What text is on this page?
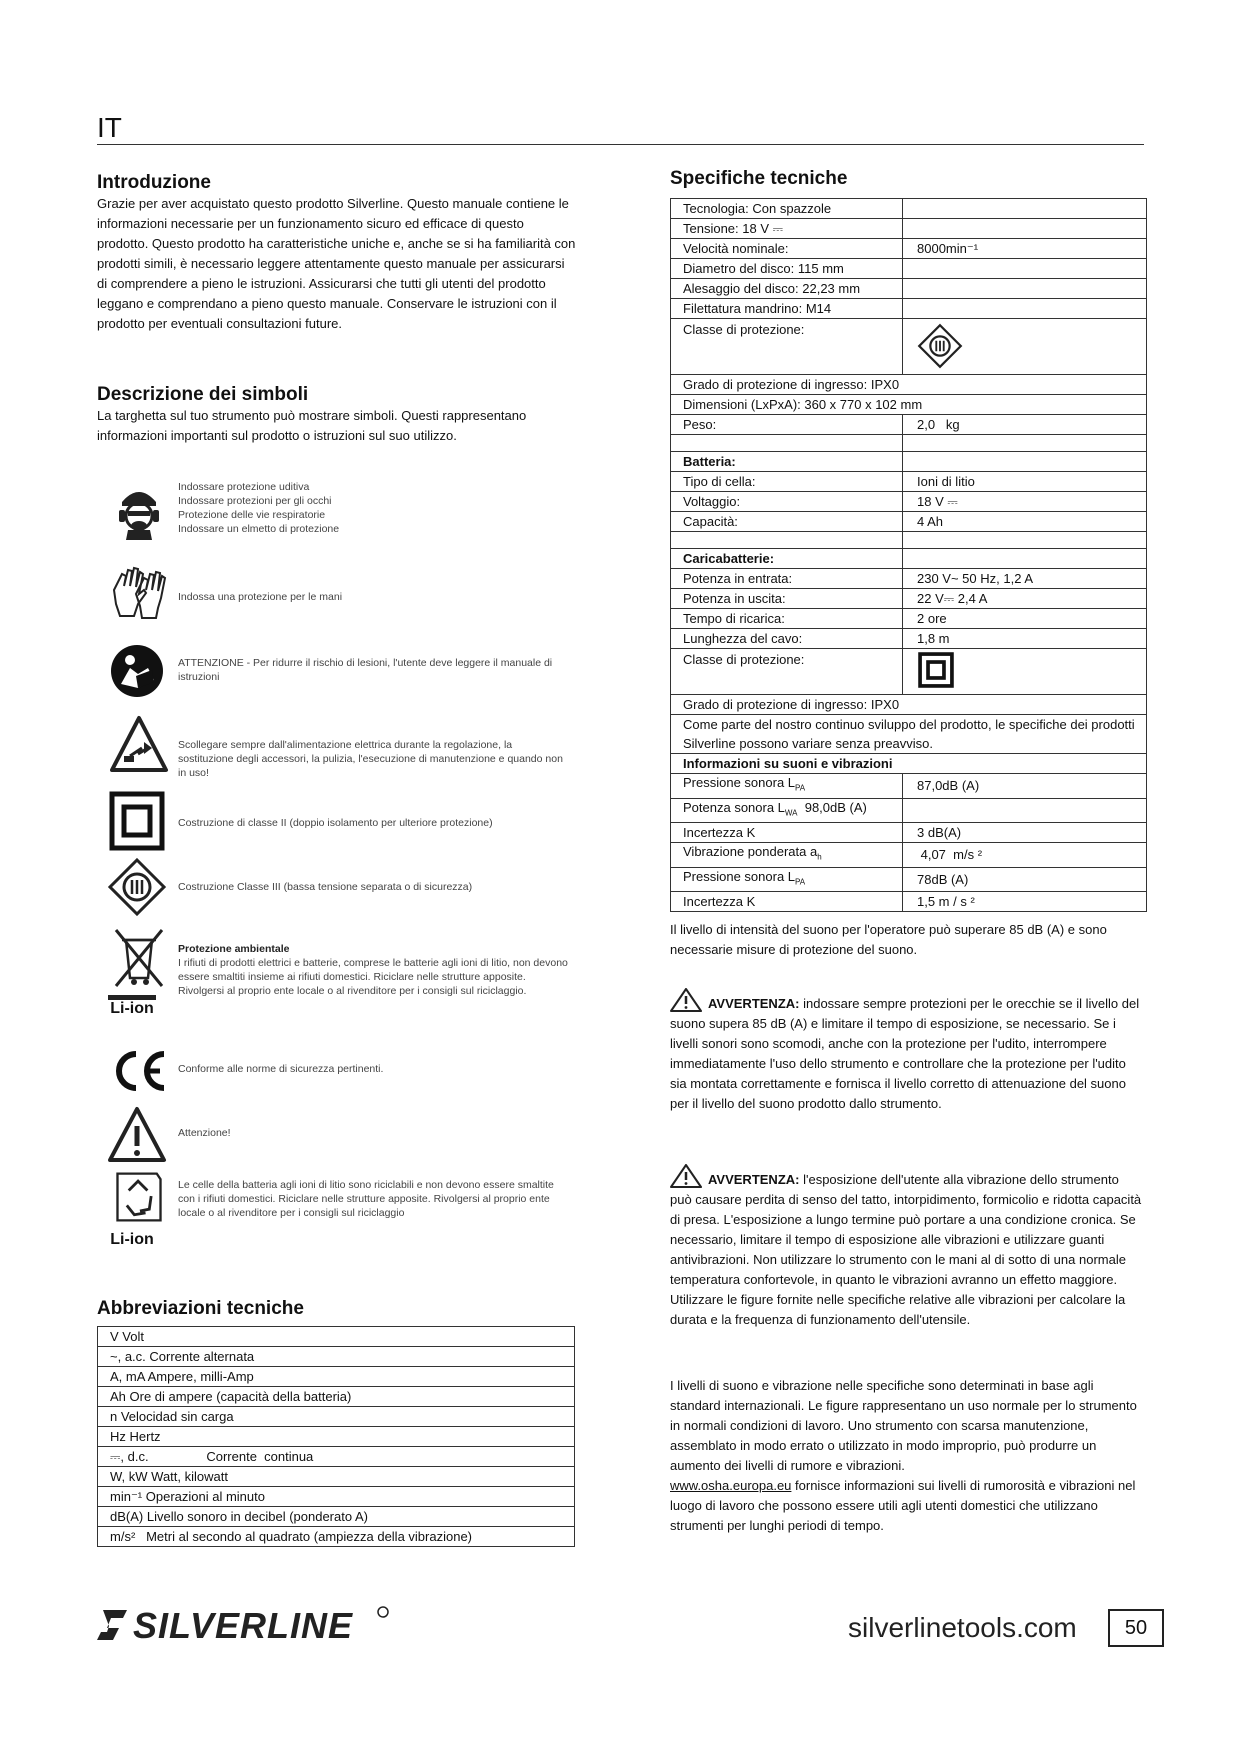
IT
Introduzione

Grazie per aver acquistato questo prodotto Silverline. Questo manuale contiene le informazioni necessarie per un funzionamento sicuro ed efficace di questo prodotto. Questo prodotto ha caratteristiche uniche e, anche se si ha familiarità con prodotti simili, è necessario leggere attentamente questo manuale per assicurarsi di comprendere a pieno le istruzioni. Assicurarsi che tutti gli utenti del prodotto leggano e comprendano a pieno questo manuale. Conservare le istruzioni con il prodotto per eventuali consultazioni future.

Descrizione dei simboli

La targhetta sul tuo strumento può mostrare simboli. Questi rappresentano informazioni importanti sul prodotto o istruzioni sul suo utilizzo.

Indossare protezione uditiva
Indossare protezioni per gli occhi
Protezione delle vie respiratorie
Indossare un elmetto di protezione
Indossa una protezione per le mani
ATTENZIONE - Per ridurre il rischio di lesioni, l'utente deve leggere il manuale di istruzioni
Scollegare sempre dall'alimentazione elettrica durante la regolazione, la sostituzione degli accessori, la pulizia, l'esecuzione di manutenzione e quando non in uso!
Costruzione di classe II (doppio isolamento per ulteriore protezione)
Costruzione Classe III (bassa tensione separata o di sicurezza)
Li-ion
Protezione ambientale
I rifiuti di prodotti elettrici e batterie, comprese le batterie agli ioni di litio, non devono essere smaltiti insieme ai rifiuti domestici. Riciclare nelle strutture apposite. Rivolgersi al proprio ente locale o al rivenditore per i consigli sul riciclaggio.
Conforme alle norme di sicurezza pertinenti.
Attenzione!
Li-ion
Le celle della batteria agli ioni di litio sono riciclabili e non devono essere smaltite con i rifiuti domestici. Riciclare nelle strutture apposite. Rivolgersi al proprio ente locale o al rivenditore per i consigli sul riciclaggio
Abbreviazioni tecniche
V Volt
~, a.c. Corrente alternata
A, mA Ampere, milli-Amp
Ah Ore di ampere (capacità della batteria)
n Velocidad sin carga
Hz Hertz
⎓, d.c.                Corrente  continua
W, kW Watt, kilowatt
min⁻¹ Operazioni al minuto
dB(A) Livello sonoro in decibel (ponderato A)
m/s²   Metri al secondo al quadrato (ampiezza della vibrazione)
Specifiche tecniche
Tecnologia: Con spazzole	
Tensione: 18 V ⎓	
Velocità nominale:	8000min⁻¹
Diametro del disco: 115 mm	
Alesaggio del disco: 22,23 mm	
Filettatura mandrino: M14	
Classe di protezione:	
Grado di protezione di ingresso: IPX0	
Dimensioni (LxPxA): 360 x 770 x 102 mm	
Peso:	2,0   kg

Batteria:	
Tipo di cella:	Ioni di litio
Voltaggio:	18 V ⎓
Capacità:	4 Ah

Caricabatterie:	
Potenza in entrata:	230 V~ 50 Hz, 1,2 A
Potenza in uscita:	22 V⎓ 2,4 A
Tempo di ricarica:	2 ore
Lunghezza del cavo:	1,8 m
Classe di protezione:	
Grado di protezione di ingresso: IPX0	
Come parte del nostro continuo sviluppo del prodotto, le specifiche dei prodotti Silverline possono variare senza preavviso.	
Informazioni su suoni e vibrazioni	
Pressione sonora $L_{PA}$	87,0dB (A)
Potenza sonora $L_{WA}$  98,0dB (A)	
Incertezza K	3 dB(A)
Vibrazione ponderata $a_h$	4,07  m/s ²
Pressione sonora $L_{PA}$	78dB (A)
Incertezza K	1,5 m / s ²

Il livello di intensità del suono per l'operatore può superare 85 dB (A) e sono necessarie misure di protezione del suono.

AVVERTENZA: indossare sempre protezioni per le orecchie se il livello del suono supera 85 dB (A) e limitare il tempo di esposizione, se necessario. Se i livelli sonori sono scomodi, anche con la protezione per l'udito, interrompere immediatamente l'uso dello strumento e controllare che la protezione per l'udito sia montata correttamente e fornisca il livello corretto di attenuazione del suono per il livello del suono prodotto dallo strumento.

AVVERTENZA: l'esposizione dell'utente alla vibrazione dello strumento può causare perdita di senso del tatto, intorpidimento, formicolio e ridotta capacità di presa. L'esposizione a lungo termine può portare a una condizione cronica. Se necessario, limitare il tempo di esposizione alle vibrazioni e utilizzare guanti antivibrazioni. Non utilizzare lo strumento con le mani al di sotto di una normale temperatura confortevole, in quanto le vibrazioni avranno un effetto maggiore. Utilizzare le figure fornite nelle specifiche relative alle vibrazioni per calcolare la durata e la frequenza di funzionamento dell'utensile.

I livelli di suono e vibrazione nelle specifiche sono determinati in base agli standard internazionali. Le figure rappresentano un uso normale per lo strumento in normali condizioni di lavoro. Uno strumento con scarsa manutenzione, assemblato in modo errato o utilizzato in modo improprio, può produrre un aumento dei livelli di rumore e vibrazioni.
www.osha.europa.eu fornisce informazioni sui livelli di rumorosità e vibrazioni nel luogo di lavoro che possono essere utili agli utenti domestici che utilizzano strumenti per lunghi periodi di tempo.

SILVERLINE	silverlinetools.com	50
